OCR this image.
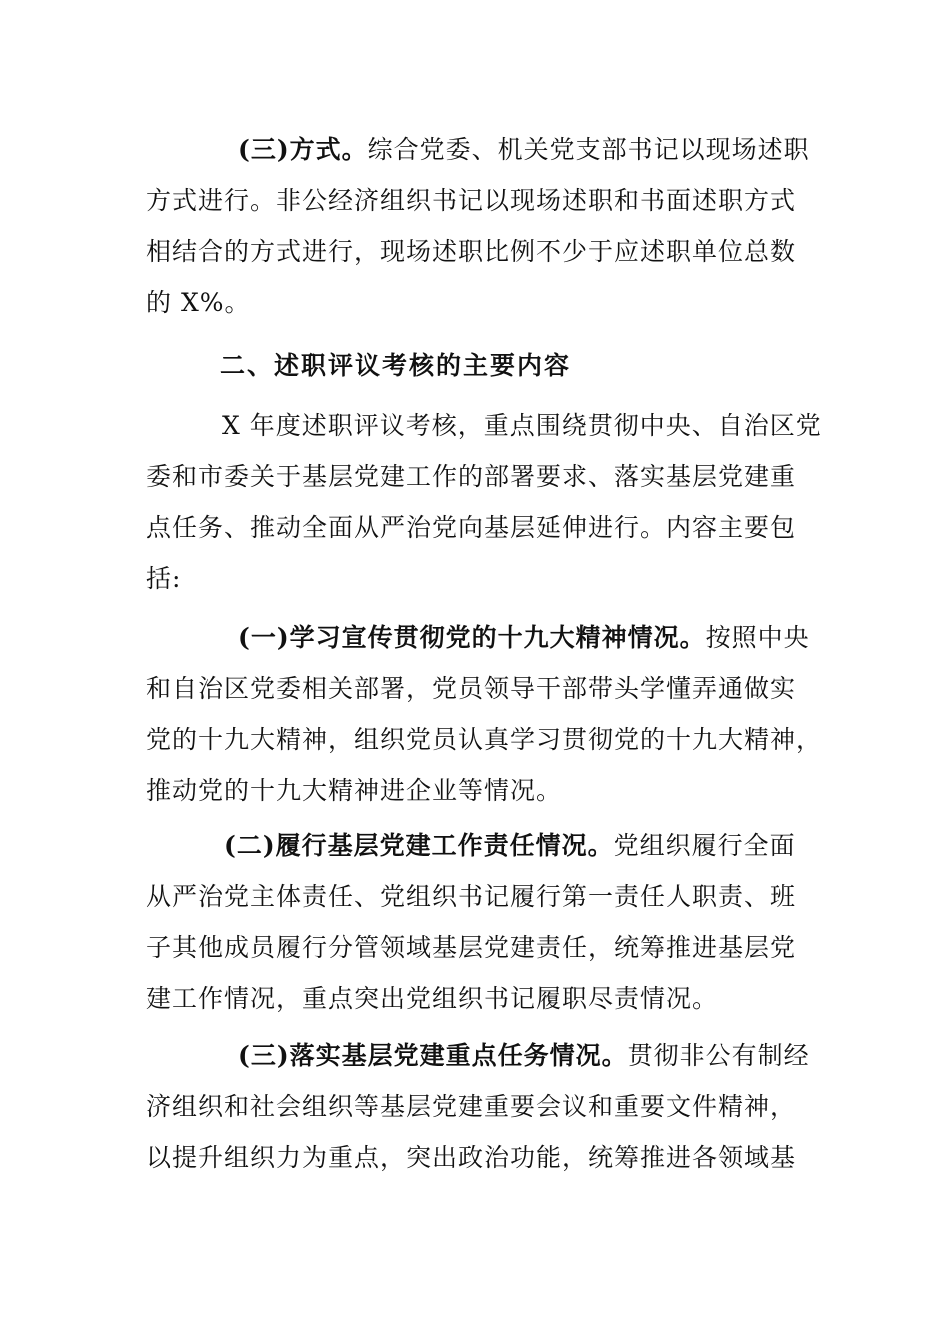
(三)方式。综合党委、机关党支部书记以现场述职
方式进行。非公经济组织书记以现场述职和书面述职方式
相结合的方式进行，现场述职比例不少于应述职单位总数
的 X%。
二、述职评议考核的主要内容
X 年度述职评议考核，重点围绕贯彻中央、自治区党
委和市委关于基层党建工作的部署要求、落实基层党建重
点任务、推动全面从严治党向基层延伸进行。内容主要包
括:
(一)学习宣传贯彻党的十九大精神情况。按照中央
和自治区党委相关部署，党员领导干部带头学懂弄通做实
党的十九大精神，组织党员认真学习贯彻党的十九大精神，
推动党的十九大精神进企业等情况。
(二)履行基层党建工作责任情况。党组织履行全面
从严治党主体责任、党组织书记履行第一责任人职责、班
子其他成员履行分管领域基层党建责任，统筹推进基层党
建工作情况，重点突出党组织书记履职尽责情况。
(三)落实基层党建重点任务情况。贯彻非公有制经
济组织和社会组织等基层党建重要会议和重要文件精神，
以提升组织力为重点，突出政治功能，统筹推进各领域基
